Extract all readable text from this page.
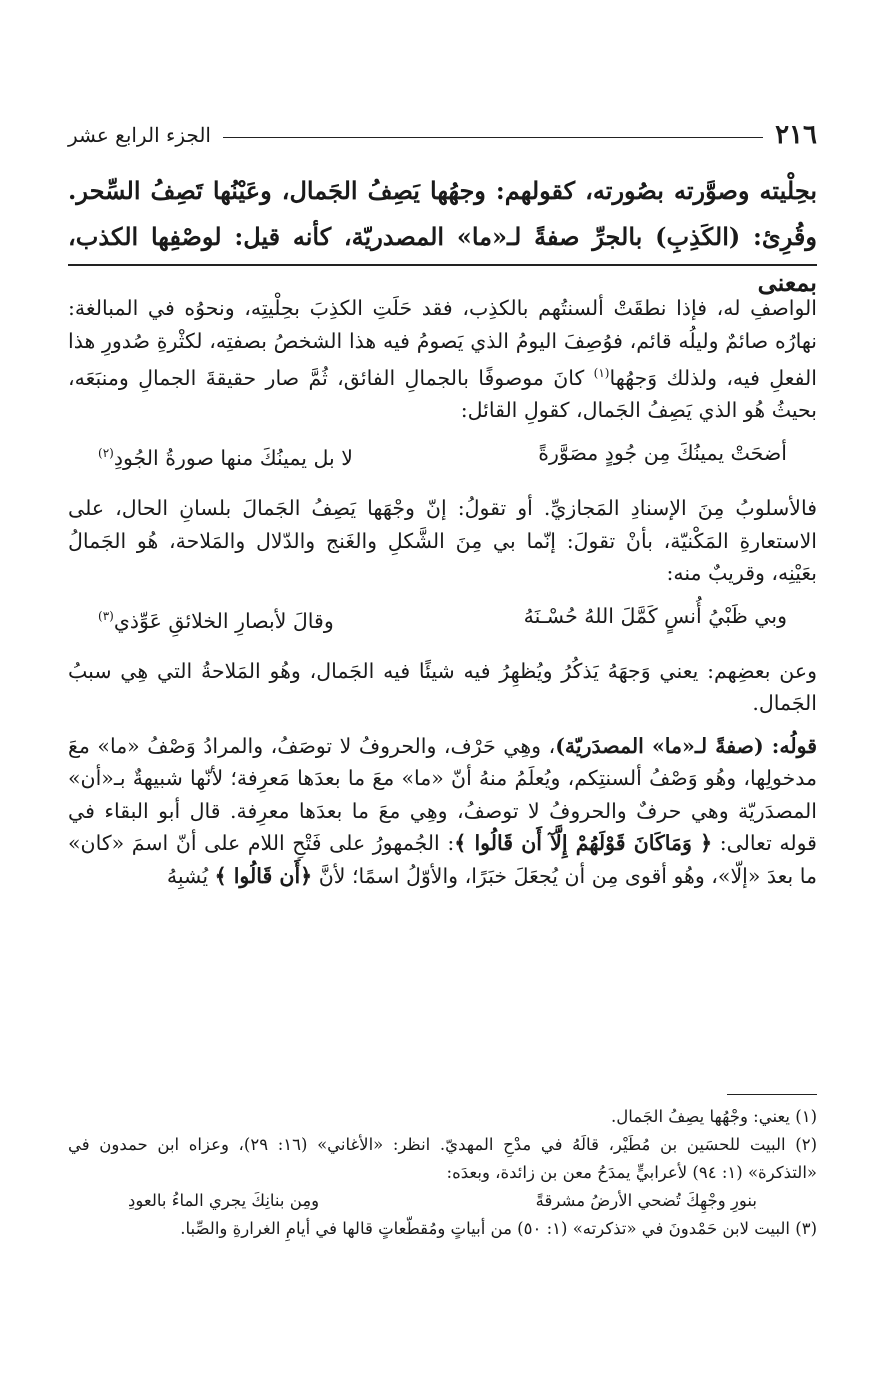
٢١٦
الجزء الرابع عشر

بحِلْيته وصوَّرته بصُورته، كقولهم: وجهُها يَصِفُ الجَمال، وعَيْنُها تَصِفُ السِّحر.

وقُرِئ: (الكَذِبِ) بالجرِّ صفةً لـ«ما» المصدريّة، كأنه قيل: لوصْفِها الكذب، بمعنى

الواصفِ له، فإذا نطقَتْ ألسنتُهم بالكذِب، فقد حَلَتِ الكذِبَ بحِلْيتِه، ونحوُه في المبالغة: نهارُه صائمٌ وليلُه قائم، فوُصِفَ اليومُ الذي يَصومُ فيه هذا الشخصُ بصفتِه، لكثْرةِ صُدورِ هذا الفعلِ فيه، ولذلك وَجهُها$^{(١)}$ كانَ موصوفًا بالجمالِ الفائق، ثُمَّ صار حقيقةَ الجمالِ ومنبَعَه، بحيثُ هُو الذي يَصِفُ الجَمال، كقولِ القائل:

أضحَتْ يمينُكَ مِن جُودٍ مصَوَّرةً
لا بل يمينُكَ منها صورةُ الجُودِ$^{(٢)}$

فالأسلوبُ مِنَ الإسنادِ المَجازيِّ. أو تقولُ: إنّ وجْهَها يَصِفُ الجَمالَ بلسانِ الحال، على الاستعارةِ المَكْنيّة، بأنْ تقولَ: إنّما بي مِنَ الشَّكلِ والغَنج والدّلال والمَلاحة، هُو الجَمالُ بعَيْنِه، وقريبٌ منه:

وبي ظَبْيُ أُنسٍ كَمَّلَ اللهُ حُسْـنَهُ
وقالَ لأبصارِ الخلائقِ عَوِّذي$^{(٣)}$

وعن بعضِهم: يعني وَجهَهُ يَذكُرُ ويُظهِرُ فيه شيئًا فيه الجَمال، وهُو المَلاحةُ التي هِي سببُ الجَمال.

قولُه: (صفةً لـ«ما» المصدَريّة)، وهِي حَرْف، والحروفُ لا توصَفُ، والمرادُ وَصْفُ «ما» معَ مدخولِها، وهُو وَصْفُ ألسنتِكم، ويُعلَمُ منهُ أنّ «ما» معَ ما بعدَها مَعرِفة؛ لأنّها شبيهةٌ بـ«أن» المصدَريّة وهي حرفٌ والحروفُ لا توصفُ، وهِي معَ ما بعدَها معرِفة. قال أبو البقاء في قوله تعالى: ﴿ وَمَاكَانَ قَوْلَهُمْ إِلَّآ أَن قَالُوا ﴾: الجُمهورُ على فَتْحِ اللام على أنّ اسمَ «كان» ما بعدَ «إلّا»، وهُو أقوى مِن أن يُجعَلَ خبَرًا، والأوّلُ اسمًا؛ لأنَّ ﴿أَن قَالُوا ﴾ يُشبِهُ

(١) يعني: وجْهُها يصِفُ الجَمال.

(٢) البيت للحسَين بن مُطَيْر، قالَهُ في مدْحِ المهديّ. انظر: «الأغاني» (١٦: ٢٩)، وعزاه ابن حمدون في «التذكرة» (١: ٩٤) لأعرابيٍّ يمدَحُ معن بن زائدة، وبعدَه:

بنورِ وجْهِكَ تُضحي الأرضُ مشرقةً
ومِن بنانِكَ يجري الماءُ بالعودِ

(٣) البيت لابن حَمْدونَ في «تذكرته» (١: ٥٠) من أبياتٍ ومُقطّعاتٍ قالها في أيامِ الغرارةِ والصِّبا.
